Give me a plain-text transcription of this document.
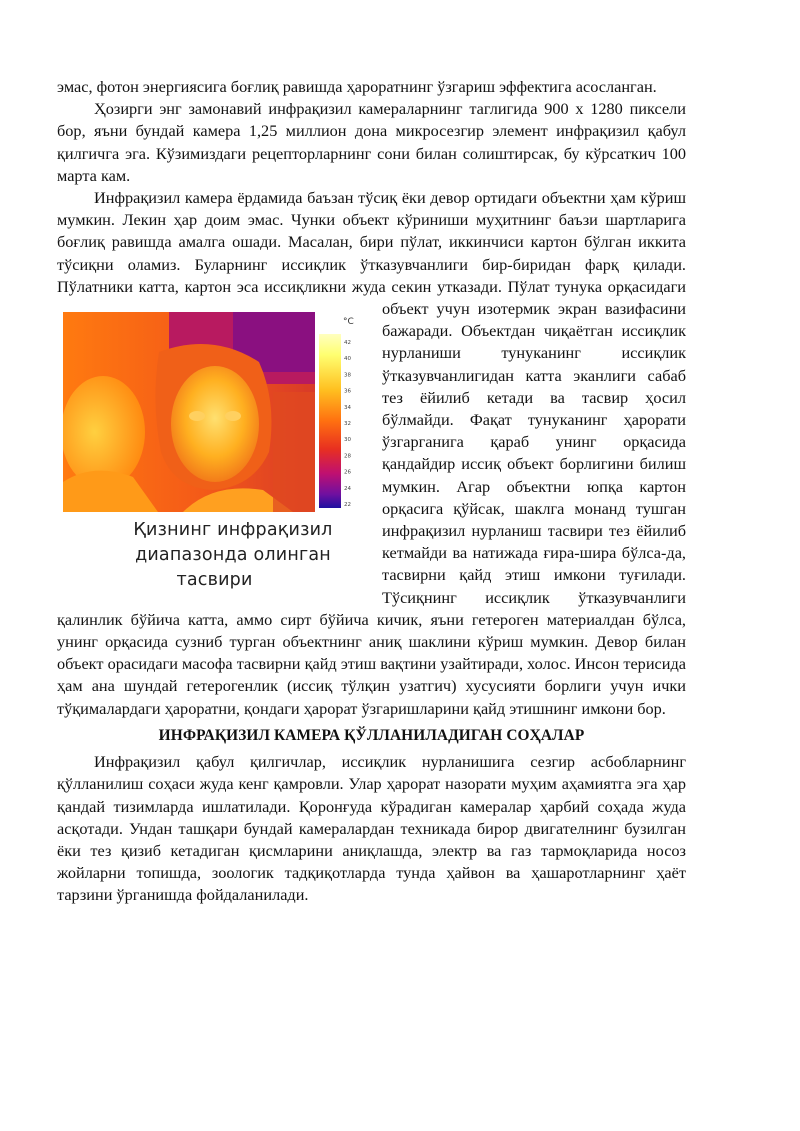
эмас, фотон энергиясига боғлиқ равишда ҳароратнинг ўзгариш эффектига асосланган.

Ҳозирги энг замонавий инфрақизил камераларнинг таглигида 900 x 1280 пиксели бор, яъни бундай камера 1,25 миллион дона микросезгир элемент инфрақизил қабул қилгичга эга. Кўзимиздаги рецепторларнинг сони билан солиштирсак, бу кўрсаткич 100 марта кам.

Инфрақизил камера ёрдамида баъзан тўсиқ ёки девор ортидаги объектни ҳам кўриш мумкин. Лекин ҳар доим эмас. Чунки объект кўриниши муҳитнинг баъзи шартларига боғлиқ равишда амалга ошади. Масалан, бири пўлат, иккинчиси картон бўлган иккита тўсиқни оламиз. Буларнинг иссиқлик ўтказувчанлиги бир-биридан фарқ қилади. Пўлатники катта, картон эса иссиқликни жуда секин утказади. Пўлат тунука орқасидаги объект учун
°C
42
40
38
36
34
32
30
28
26
24
22
Қизнинг инфрақизил
диапазонда олинган тасвири
изотермик экран вазифасини бажаради. Объектдан чиқаётган иссиқлик нурланиши тунуканинг иссиқлик ўтказувчанлигидан катта эканлиги сабаб тез ёйилиб кетади ва тасвир ҳосил бўлмайди. Фақат тунуканинг ҳарорати ўзгарганига қараб унинг орқасида қандайдир иссиқ объект борлигини билиш мумкин. Агар объектни юпқа картон орқасига қўйсак, шаклга монанд тушган инфрақизил нурланиш тасвири тез ёйилиб кетмайди ва натижада ғира-шира бўлса-да, тасвирни қайд этиш имкони туғилади. Тўсиқнинг иссиқлик ўтказувчанлиги қалинлик бўйича катта, аммо сирт бўйича кичик, яъни гетероген материалдан бўлса, унинг орқасида сузниб турган объектнинг аниқ шаклини кўриш мумкин. Девор билан объект орасидаги масофа тасвирни қайд этиш вақтини узайтиради, холос. Инсон терисида ҳам ана шундай гетерогенлик (иссиқ тўлқин узатгич) хусусияти борлиги учун ички тўқималардаги ҳароратни, қондаги ҳарорат ўзгаришларини қайд этишнинг имкони бор.

ИНФРАҚИЗИЛ КАМЕРА ҚЎЛЛАНИЛАДИГАН СОҲАЛАР

Инфрақизил қабул қилгичлар, иссиқлик нурланишига сезгир асбобларнинг қўлланилиш соҳаси жуда кенг қамровли. Улар ҳарорат назорати муҳим аҳамиятга эга ҳар қандай тизимларда ишлатилади. Қоронғуда кўрадиган камералар ҳарбий соҳада жуда асқотади. Ундан ташқари бундай камералардан техникада бирор двигателнинг бузилган ёки тез қизиб кетадиган қисмларини аниқлашда, электр ва газ тармоқларида носоз жойларни топишда, зоологик тадқиқотларда тунда ҳайвон ва ҳашаротларнинг ҳаёт тарзини ўрганишда фойдаланилади.
